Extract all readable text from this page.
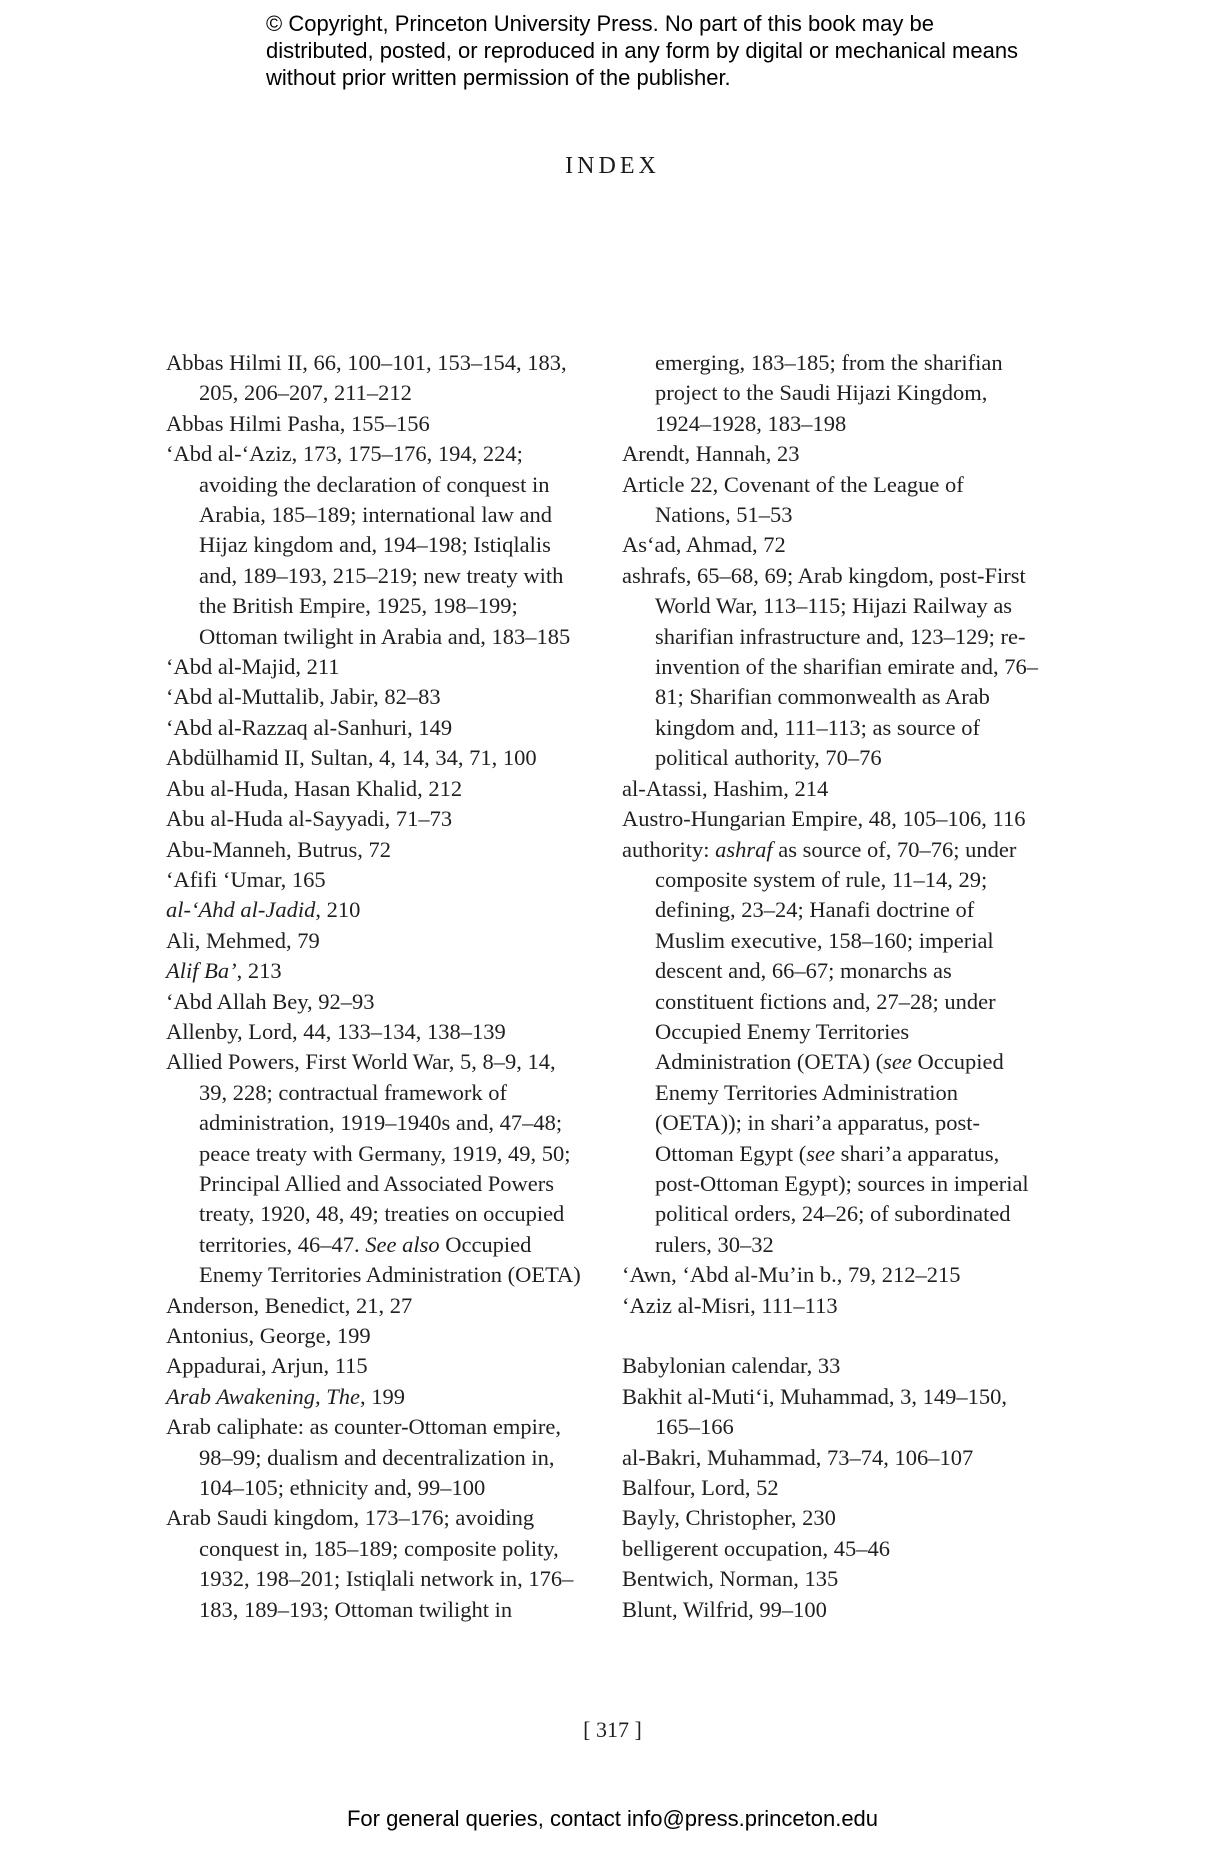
© Copyright, Princeton University Press. No part of this book may be distributed, posted, or reproduced in any form by digital or mechanical means without prior written permission of the publisher.
INDEX
Abbas Hilmi II, 66, 100–101, 153–154, 183, 205, 206–207, 211–212
Abbas Hilmi Pasha, 155–156
‘Abd al-‘Aziz, 173, 175–176, 194, 224; avoiding the declaration of conquest in Arabia, 185–189; international law and Hijaz kingdom and, 194–198; Istiqlalis and, 189–193, 215–219; new treaty with the British Empire, 1925, 198–199; Ottoman twilight in Arabia and, 183–185
‘Abd al-Majid, 211
‘Abd al-Muttalib, Jabir, 82–83
‘Abd al-Razzaq al-Sanhuri, 149
Abdülhamid II, Sultan, 4, 14, 34, 71, 100
Abu al-Huda, Hasan Khalid, 212
Abu al-Huda al-Sayyadi, 71–73
Abu-Manneh, Butrus, 72
‘Afifi ‘Umar, 165
al-‘Ahd al-Jadid, 210
Ali, Mehmed, 79
Alif Ba’, 213
‘Abd Allah Bey, 92–93
Allenby, Lord, 44, 133–134, 138–139
Allied Powers, First World War, 5, 8–9, 14, 39, 228; contractual framework of administration, 1919–1940s and, 47–48; peace treaty with Germany, 1919, 49, 50; Principal Allied and Associated Powers treaty, 1920, 48, 49; treaties on occupied territories, 46–47. See also Occupied Enemy Territories Administration (OETA)
Anderson, Benedict, 21, 27
Antonius, George, 199
Appadurai, Arjun, 115
Arab Awakening, The, 199
Arab caliphate: as counter-Ottoman empire, 98–99; dualism and decentralization in, 104–105; ethnicity and, 99–100
Arab Saudi kingdom, 173–176; avoiding conquest in, 185–189; composite polity, 1932, 198–201; Istiqlali network in, 176–183, 189–193; Ottoman twilight in
emerging, 183–185; from the sharifian project to the Saudi Hijazi Kingdom, 1924–1928, 183–198
Arendt, Hannah, 23
Article 22, Covenant of the League of Nations, 51–53
As‘ad, Ahmad, 72
ashrafs, 65–68, 69; Arab kingdom, post-First World War, 113–115; Hijazi Railway as sharifian infrastructure and, 123–129; re-invention of the sharifian emirate and, 76–81; Sharifian commonwealth as Arab kingdom and, 111–113; as source of political authority, 70–76
al-Atassi, Hashim, 214
Austro-Hungarian Empire, 48, 105–106, 116
authority: ashraf as source of, 70–76; under composite system of rule, 11–14, 29; defining, 23–24; Hanafi doctrine of Muslim executive, 158–160; imperial descent and, 66–67; monarchs as constituent fictions and, 27–28; under Occupied Enemy Territories Administration (OETA) (see Occupied Enemy Territories Administration (OETA)); in shari’a apparatus, post-Ottoman Egypt (see shari’a apparatus, post-Ottoman Egypt); sources in imperial political orders, 24–26; of subordinated rulers, 30–32
‘Awn, ‘Abd al-Mu’in b., 79, 212–215
‘Aziz al-Misri, 111–113
Babylonian calendar, 33
Bakhit al-Muti‘i, Muhammad, 3, 149–150, 165–166
al-Bakri, Muhammad, 73–74, 106–107
Balfour, Lord, 52
Bayly, Christopher, 230
belligerent occupation, 45–46
Bentwich, Norman, 135
Blunt, Wilfrid, 99–100
[ 317 ]
For general queries, contact info@press.princeton.edu
